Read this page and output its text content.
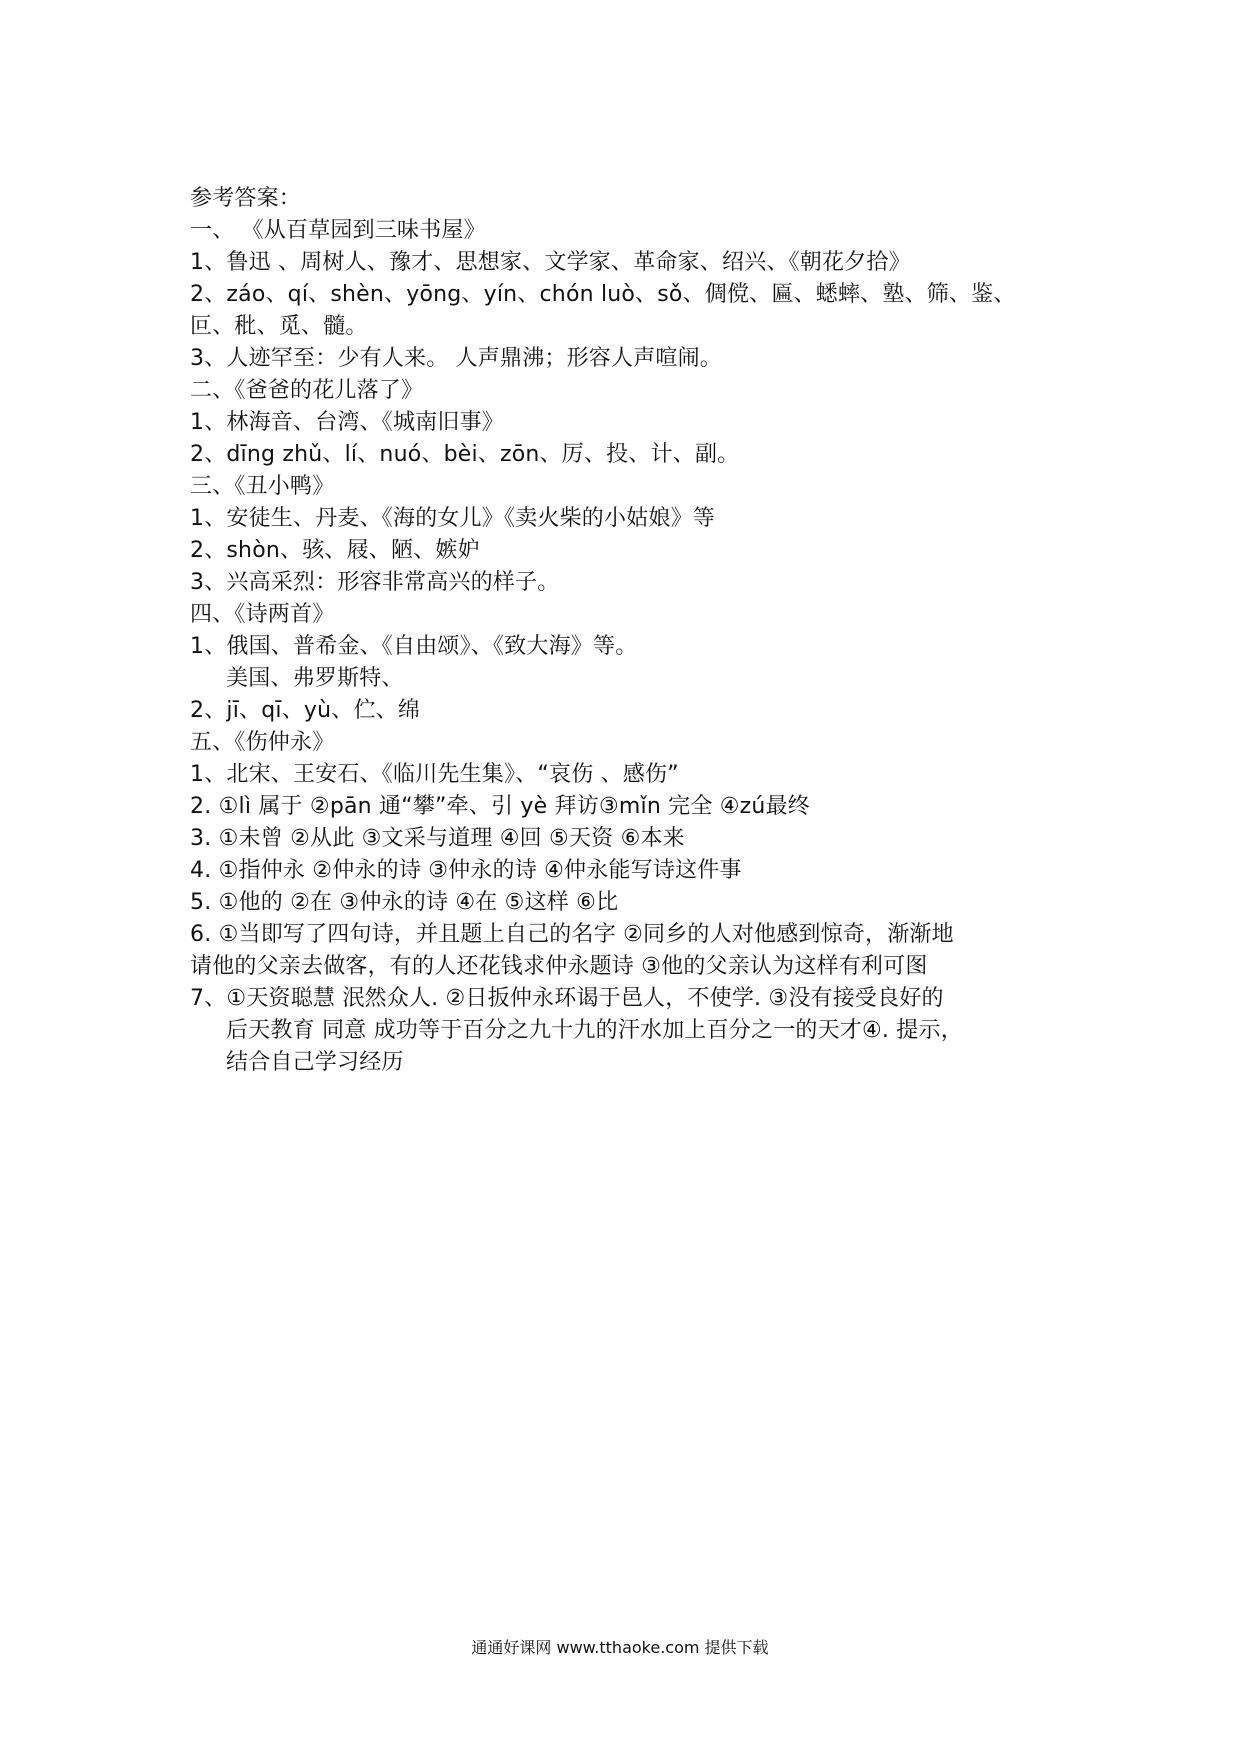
参考答案：
一、 《从百草园到三味书屋》
1、鲁迅 、周树人、豫才、思想家、文学家、革命家、绍兴、《朝花夕拾》
2、záo、qí、shèn、yōng、yín、chón luò、sǒ、倜傥、匾、蟋蟀、塾、筛、鉴、
叵、秕、觅、髓。
3、人迹罕至：少有人来。 人声鼎沸；形容人声喧闹。
二、《爸爸的花儿落了》
1、林海音、台湾、《城南旧事》
2、dīng zhǔ、lí、nuó、bèi、zōn、厉、投、计、副。
三、《丑小鸭》
1、安徒生、丹麦、《海的女儿》《卖火柴的小姑娘》等
2、shòn、骇、屐、陋、嫉妒
3、兴高采烈：形容非常高兴的样子。
四、《诗两首》
1、俄国、普希金、《自由颂》、《致大海》等。
美国、弗罗斯特、
2、jī、qī、yù、伫、绵
五、《伤仲永》
1、北宋、王安石、《临川先生集》、“哀伤 、感伤”
2. ①lì 属于 ②pān 通“攀”牵、引 yè 拜访③mǐn 完全 ④zú最终
3. ①未曾 ②从此 ③文采与道理 ④回 ⑤天资 ⑥本来
4. ①指仲永 ②仲永的诗 ③仲永的诗 ④仲永能写诗这件事
5. ①他的 ②在 ③仲永的诗 ④在 ⑤这样 ⑥比
6. ①当即写了四句诗，并且题上自己的名字 ②同乡的人对他感到惊奇，渐渐地
请他的父亲去做客，有的人还花钱求仲永题诗 ③他的父亲认为这样有利可图
7、①天资聪慧 泯然众人. ②日扳仲永环谒于邑人，不使学. ③没有接受良好的
后天教育 同意 成功等于百分之九十九的汗水加上百分之一的天才④. 提示，
结合自己学习经历
通通好课网 www.tthaoke.com 提供下载
